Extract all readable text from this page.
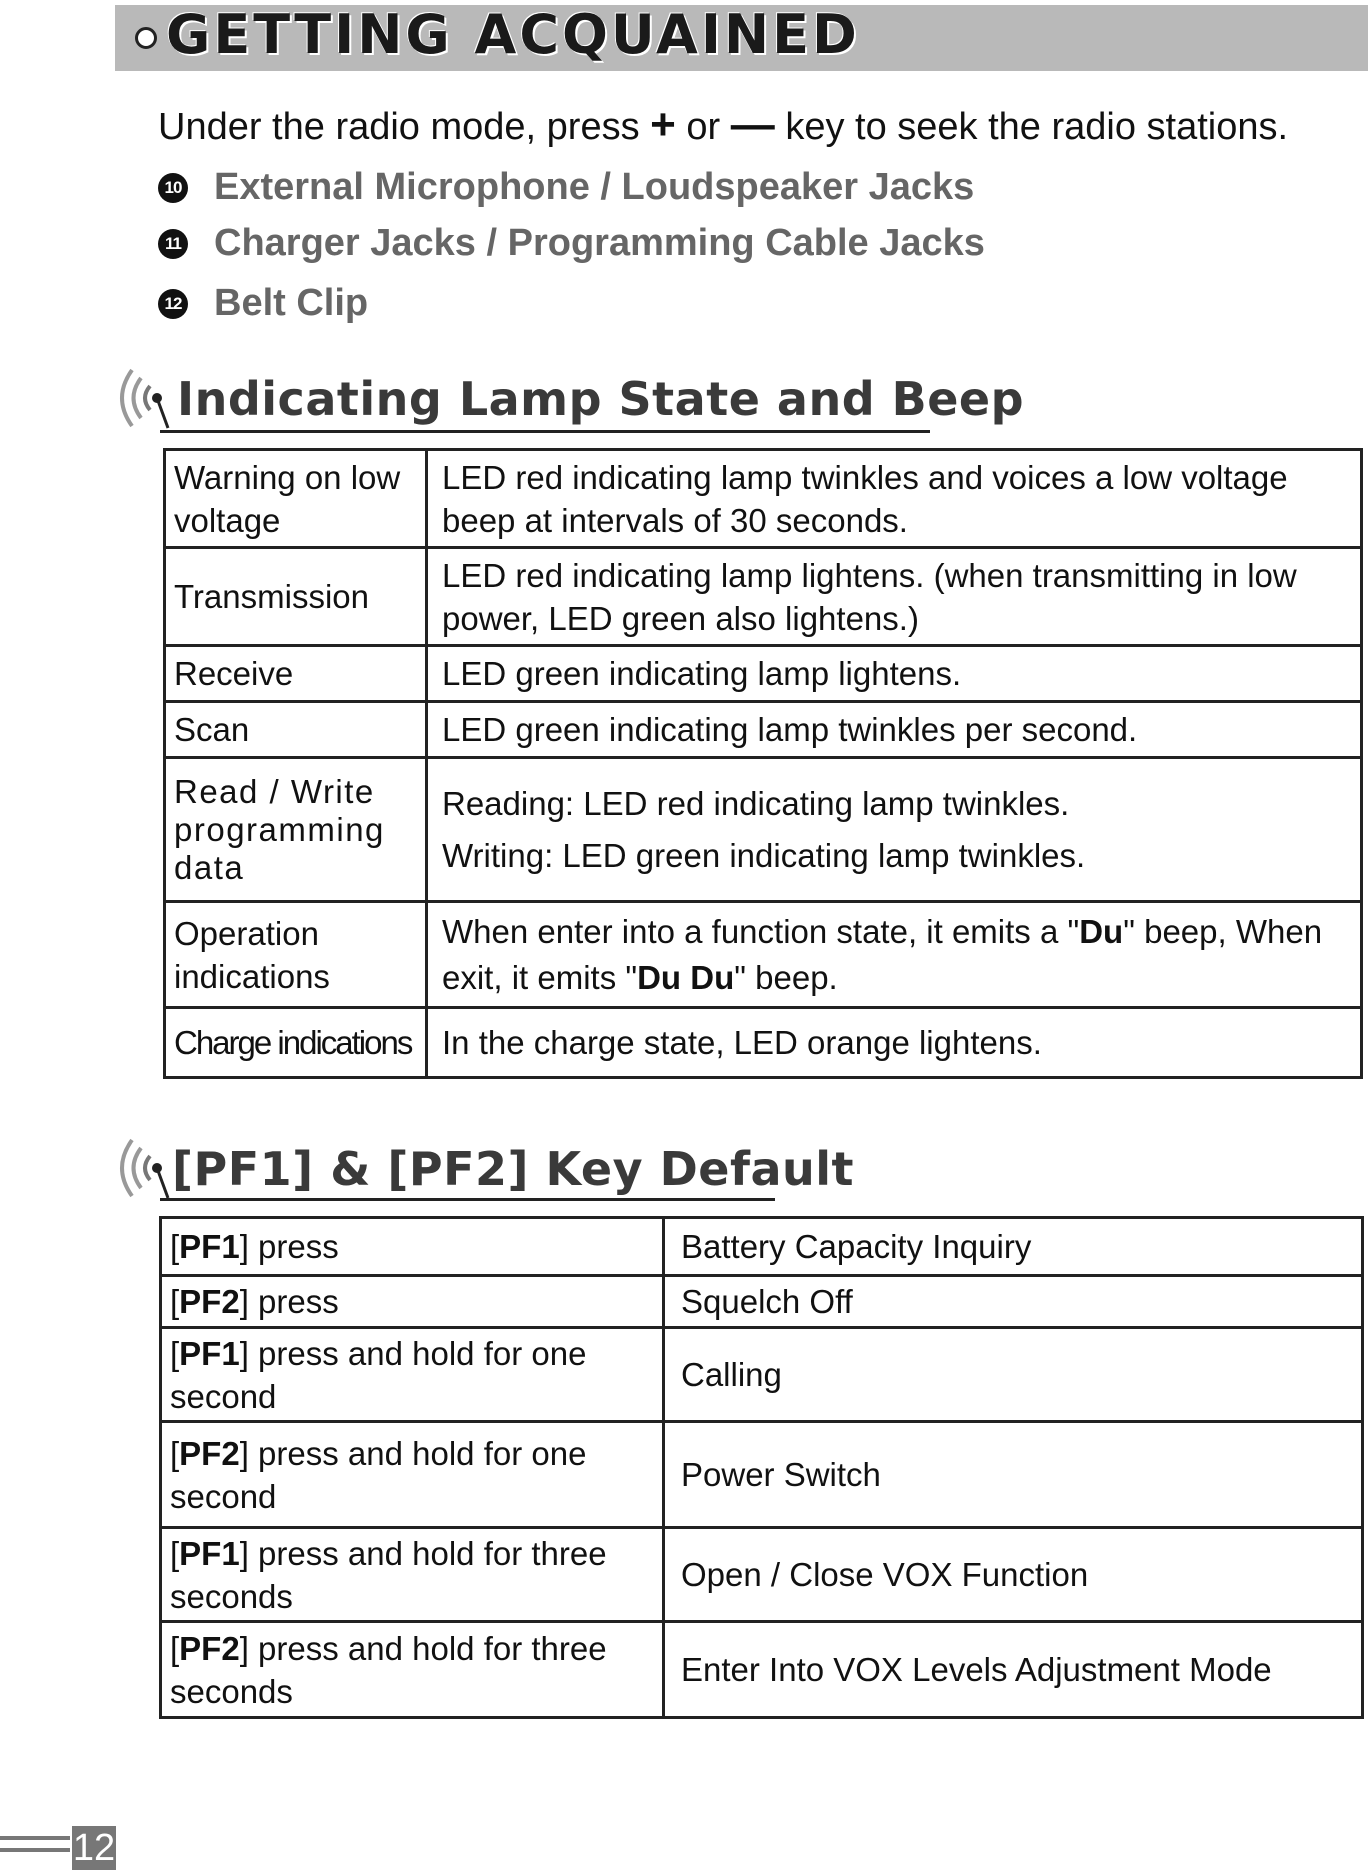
GETTING ACQUAINED
Under the radio mode, press + or — key to seek the radio stations.
10 External Microphone / Loudspeaker Jacks
11 Charger Jacks / Programming Cable Jacks
12 Belt Clip
Indicating Lamp State and Beep
Warning on low voltage	LED red indicating lamp twinkles and voices a low voltage beep at intervals of 30 seconds.
Transmission	LED red indicating lamp lightens. (when transmitting in low power, LED green also lightens.)
Receive	LED green indicating lamp lightens.
Scan	LED green indicating lamp twinkles per second.
Read / Write programming data	Reading: LED red indicating lamp twinkles.
Writing: LED green indicating lamp twinkles.

Operation indications	When enter into a function state, it emits a "Du" beep, When exit, it emits "Du Du" beep.
Charge indications	In the charge state, LED orange lightens.
[PF1] & [PF2] Key Default
[PF1] press	Battery Capacity Inquiry
[PF2] press	Squelch Off
[PF1] press and hold for one second	Calling
[PF2] press and hold for one second	Power Switch
[PF1] press and hold for three seconds	Open / Close VOX Function
[PF2] press and hold for three seconds	Enter Into VOX Levels Adjustment Mode
12
